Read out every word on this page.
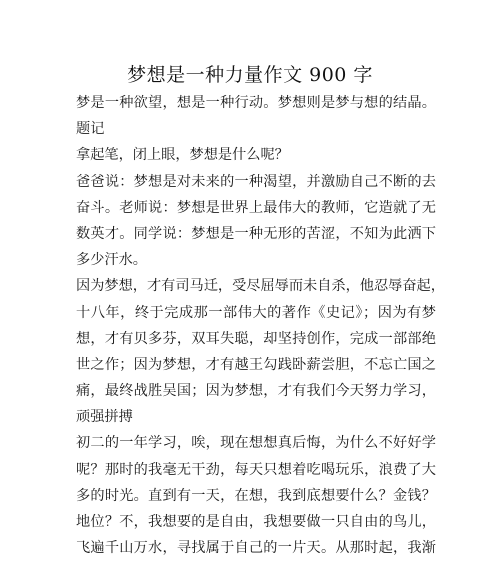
梦想是一种力量作文 900 字
梦是一种欲望，想是一种行动。梦想则是梦与想的结晶。
题记
拿起笔，闭上眼，梦想是什么呢？
爸爸说：梦想是对未来的一种渴望，并激励自己不断的去
奋斗。老师说：梦想是世界上最伟大的教师，它造就了无
数英才。同学说：梦想是一种无形的苦涩，不知为此洒下
多少汗水。
因为梦想，才有司马迁，受尽屈辱而未自杀，他忍辱奋起，
十八年，终于完成那一部伟大的著作《史记》；因为有梦
想，才有贝多芬，双耳失聪，却坚持创作，完成一部部绝
世之作；因为梦想，才有越王勾践卧薪尝胆，不忘亡国之
痛，最终战胜吴国；因为梦想，才有我们今天努力学习，
顽强拼搏
初二的一年学习，唉，现在想想真后悔，为什么不好好学
呢？那时的我毫无干劲，每天只想着吃喝玩乐，浪费了大
多的时光。直到有一天，在想，我到底想要什么？金钱？
地位？不，我想要的是自由，我想要做一只自由的鸟儿，
飞遍千山万水，寻找属于自己的一片天。从那时起，我渐
